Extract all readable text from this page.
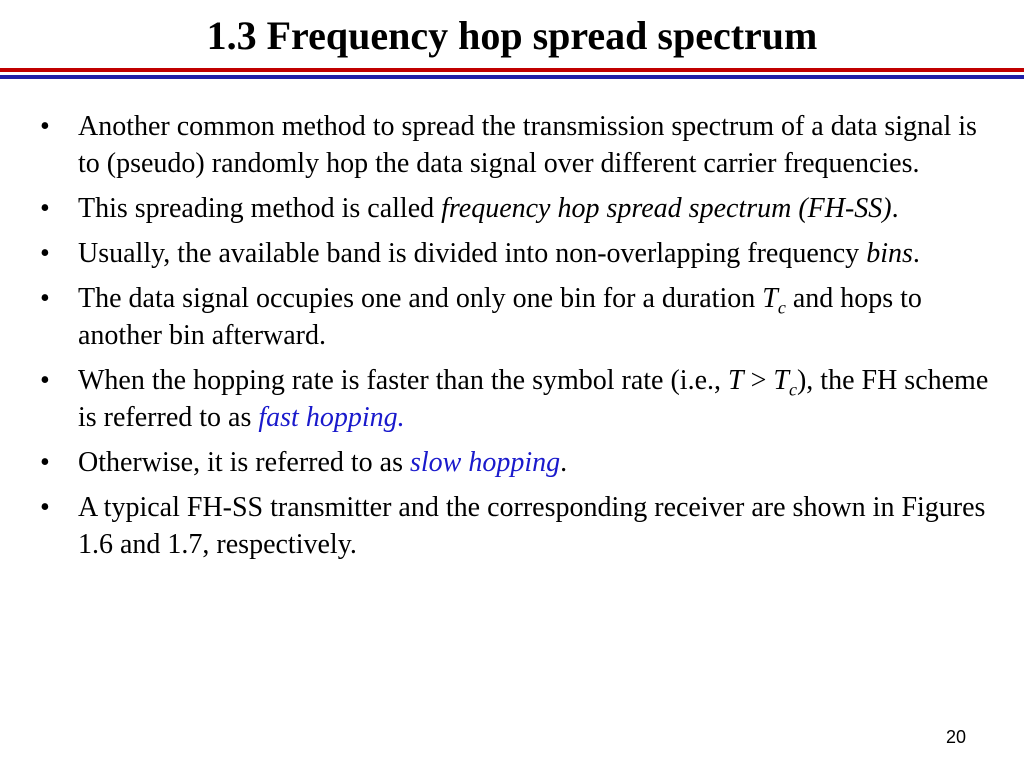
1.3 Frequency hop spread spectrum
•	Another common method to spread the transmission spectrum of a data signal is to (pseudo) randomly hop the data signal over different carrier frequencies.
•	This spreading method is called frequency hop spread spectrum (FH-SS).
•	Usually, the available band is divided into non-overlapping frequency bins.
•	The data signal occupies one and only one bin for a duration $T_c$ and hops to another bin afterward.
•	When the hopping rate is faster than the symbol rate (i.e., $T > T_c$), the FH scheme is referred to as fast hopping.
•	Otherwise, it is referred to as slow hopping.
•	A typical FH-SS transmitter and the corresponding receiver are shown in Figures 1.6 and 1.7, respectively.
20
